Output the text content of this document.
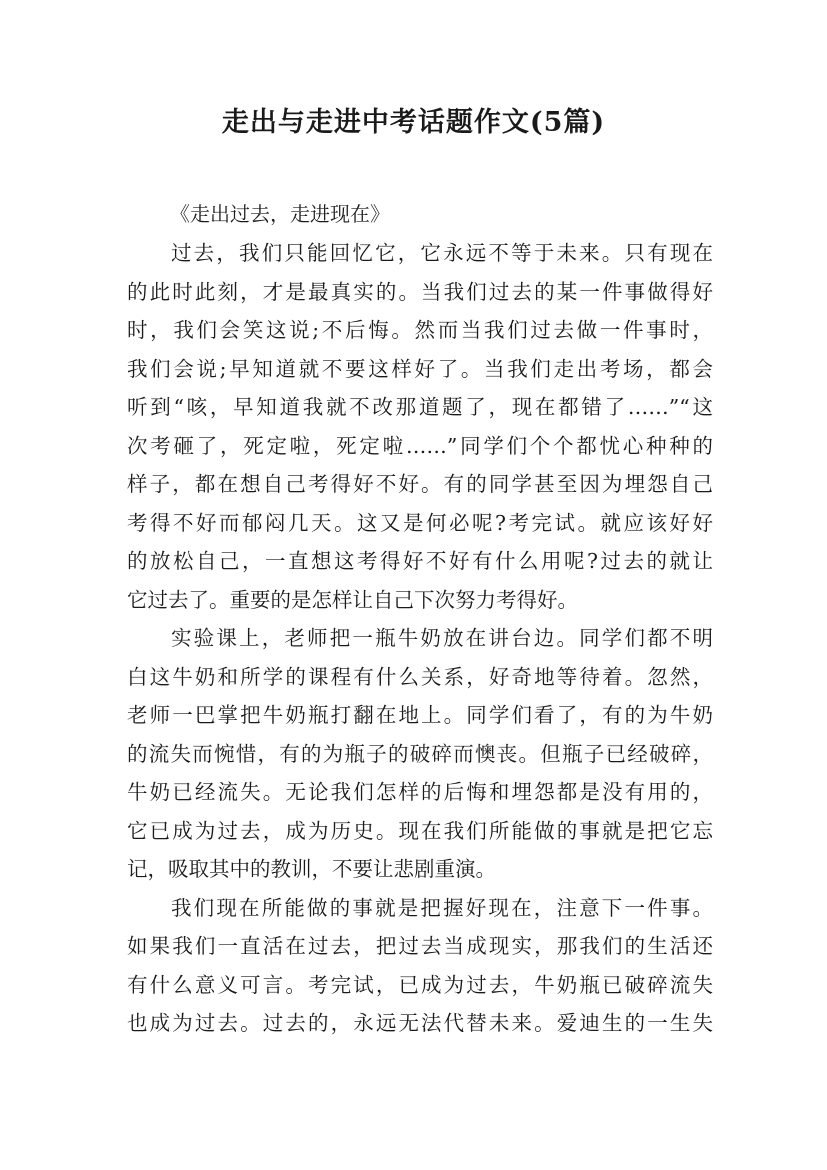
走出与走进中考话题作文(5篇)

《走出过去，走进现在》

过去，我们只能回忆它，它永远不等于未来。只有现在
的此时此刻，才是最真实的。当我们过去的某一件事做得好
时，我们会笑这说;不后悔。然而当我们过去做一件事时，
我们会说;早知道就不要这样好了。当我们走出考场，都会
听到“咳，早知道我就不改那道题了，现在都错了……”“这
次考砸了，死定啦，死定啦……”同学们个个都忧心种种的
样子，都在想自己考得好不好。有的同学甚至因为埋怨自己
考得不好而郁闷几天。这又是何必呢?考完试。就应该好好
的放松自己，一直想这考得好不好有什么用呢?过去的就让
它过去了。重要的是怎样让自己下次努力考得好。
实验课上，老师把一瓶牛奶放在讲台边。同学们都不明
白这牛奶和所学的课程有什么关系，好奇地等待着。忽然，
老师一巴掌把牛奶瓶打翻在地上。同学们看了，有的为牛奶
的流失而惋惜，有的为瓶子的破碎而懊丧。但瓶子已经破碎，
牛奶已经流失。无论我们怎样的后悔和埋怨都是没有用的，
它已成为过去，成为历史。现在我们所能做的事就是把它忘
记，吸取其中的教训，不要让悲剧重演。
我们现在所能做的事就是把握好现在，注意下一件事。
如果我们一直活在过去，把过去当成现实，那我们的生活还
有什么意义可言。考完试，已成为过去，牛奶瓶已破碎流失
也成为过去。过去的，永远无法代替未来。爱迪生的一生失
